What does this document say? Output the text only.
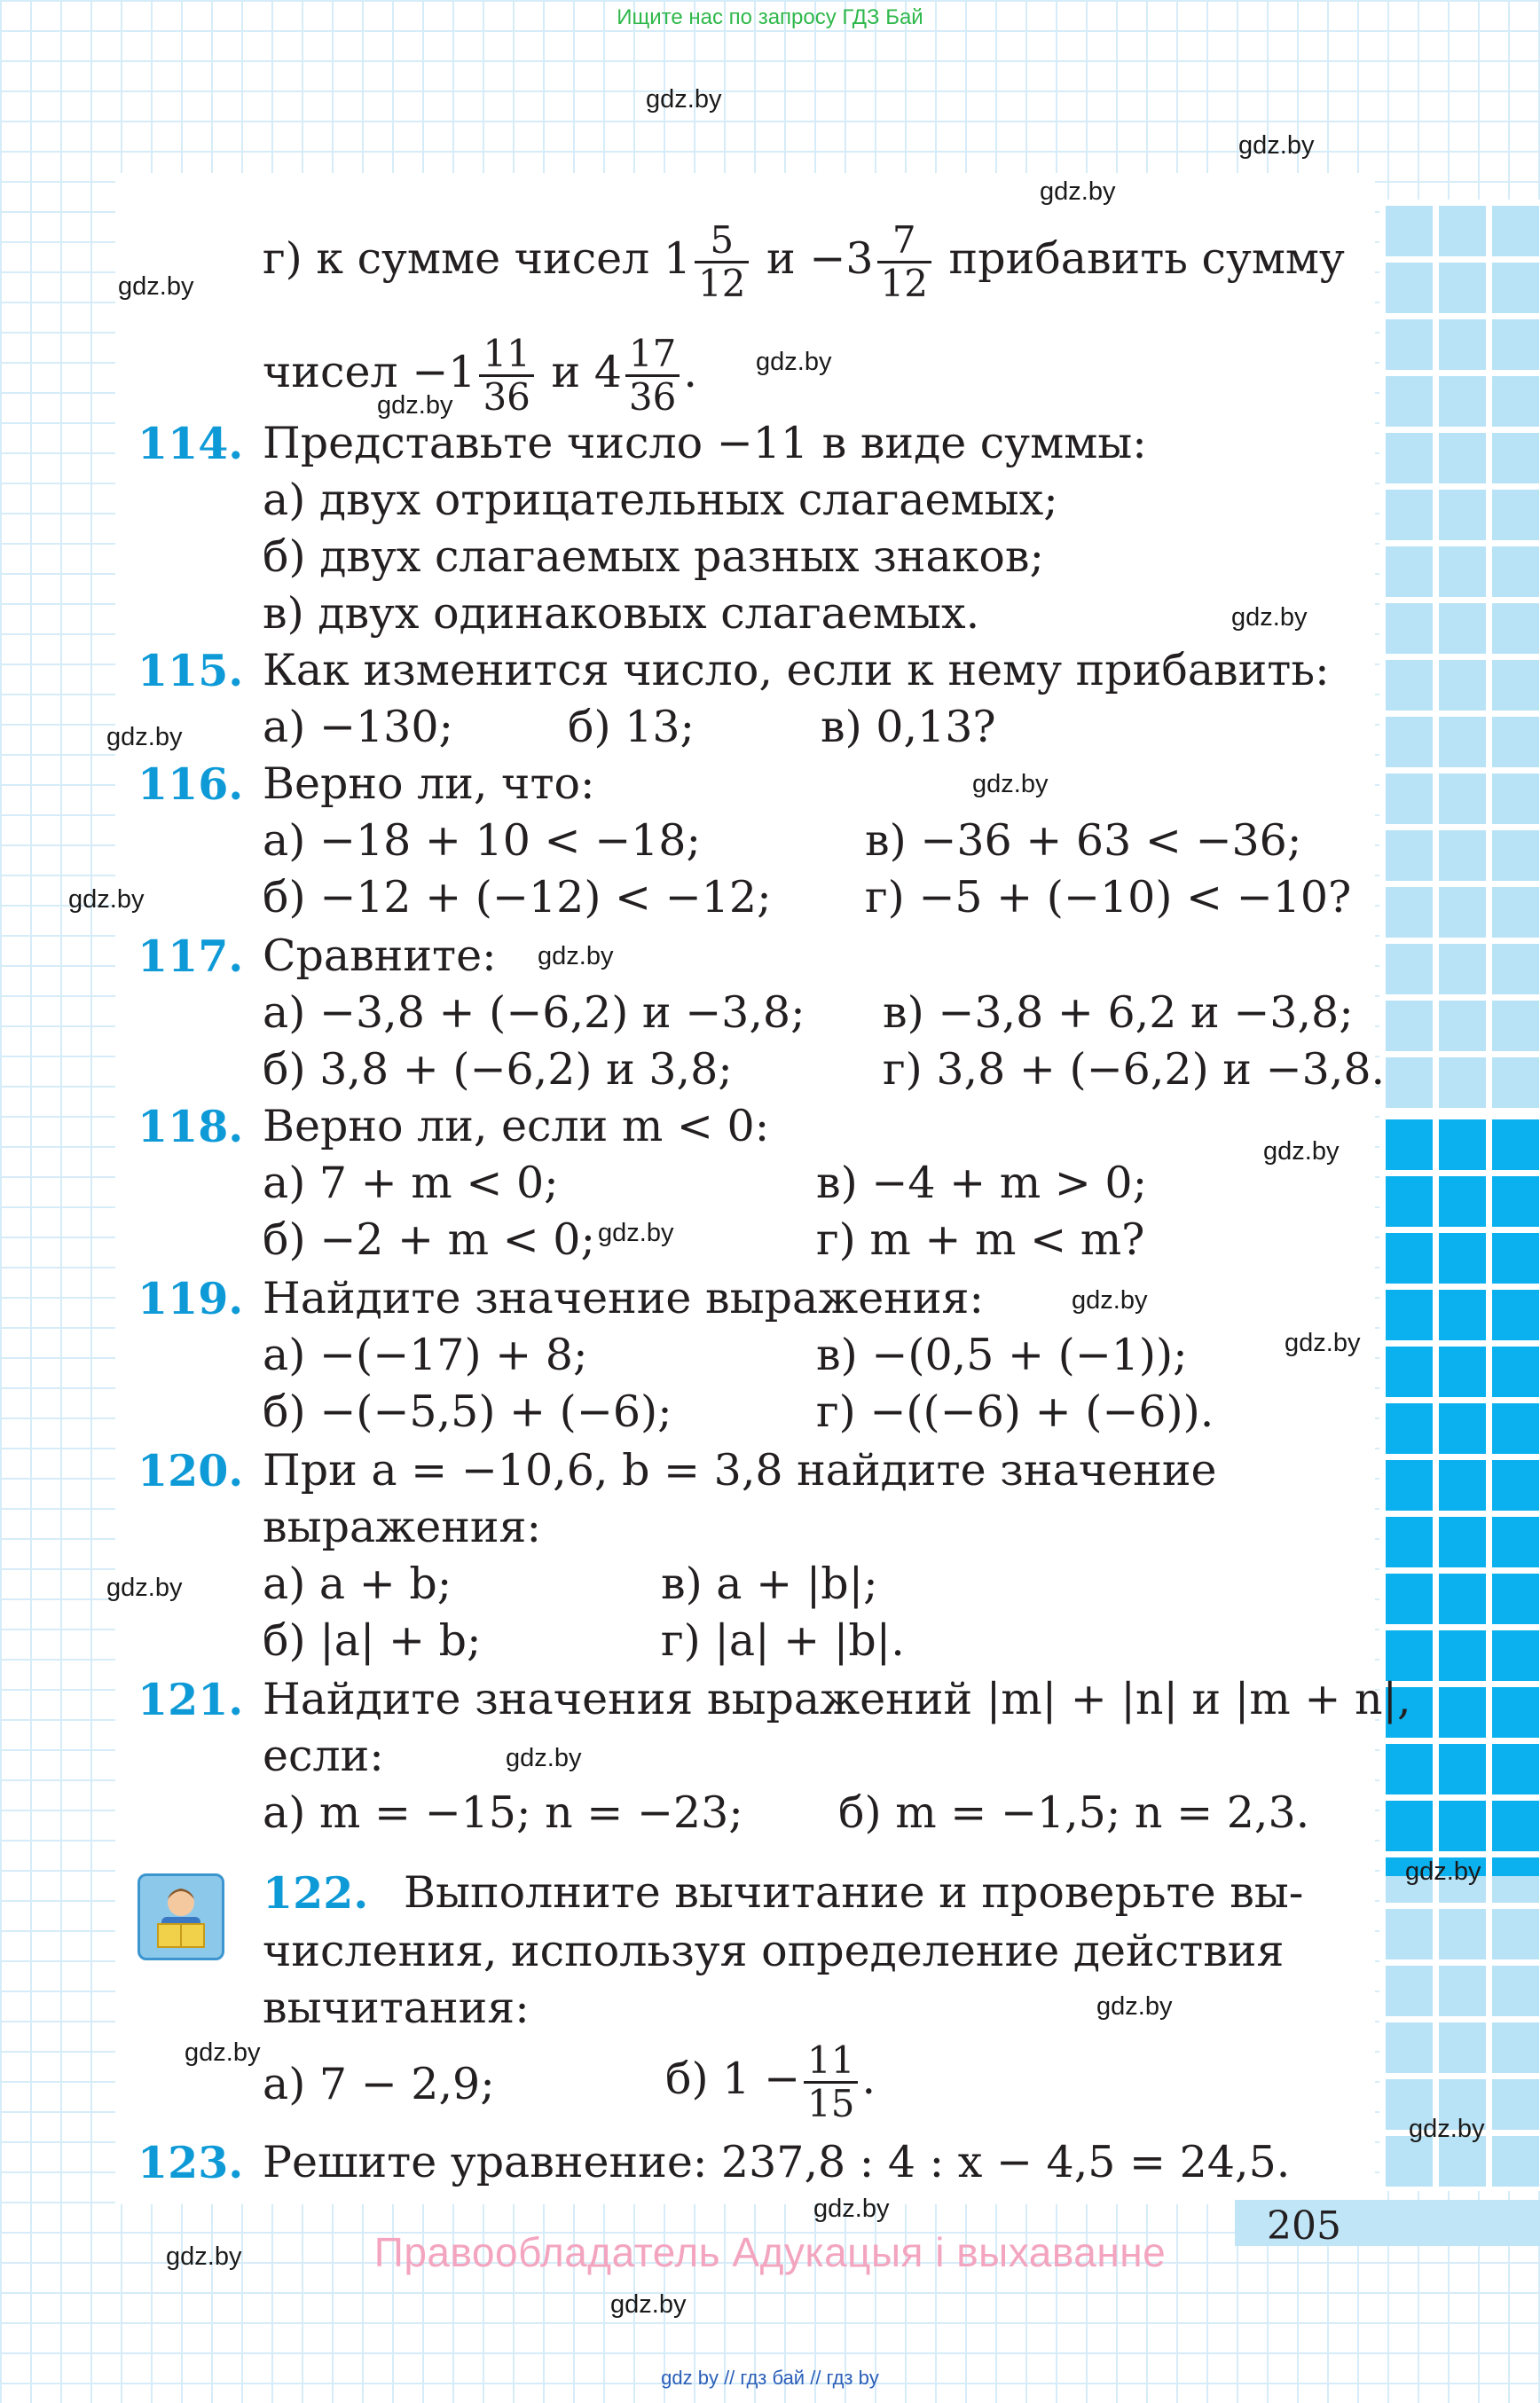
Ищите нас по запросу ГДЗ Бай
г) к сумме чисел $1 \frac{5}{12}$ $и -3 \frac{7}{12}$ прибавить сумму
чисел $-1 \frac{11}{36}$ и $4 \frac{17}{36}$ .
114. Представьте число −11 в виде суммы:
а) двух отрицательных слагаемых;
б) двух слагаемых разных знаков;
в) двух одинаковых слагаемых.
115. Как изменится число, если к нему прибавить:
а) −130;	б) 13;	в) 0,13?
116. Верно ли, что:
а) −18 + 10 < −18;	в) −36 + 63 < −36;
б) −12 + (−12) < −12; г) −5 + (−10) < −10?
117. Сравните:
а) −3,8 + (−6,2) и −3,8; в) −3,8 + 6,2 и −3,8;
б) 3,8 + (−6,2) и 3,8;	г) 3,8 + (−6,2) и −3,8.
118. Верно ли, если m < 0:
а) 7 + m < 0;	в) −4 + m > 0;
б) −2 + m < 0;	г) m + m < m?
119. Найдите значение выражения:
а) −(−17) + 8;	в) −(0,5 + (−1));
б) −(−5,5) + (−6);	г) −((−6) + (−6)).
120. При a = −10,6, b = 3,8 найдите значение
выражения:
а) a + b;	в) a + |b|;
б) |a| + b;	г) |a| + |b|.
121. Найдите значения выражений |m| + |n| и |m + n|,
если:
а) m = −15; n = −23; б) m = −1,5; n = 2,3.
122. Выполните вычитание и проверьте вы-
числения, используя определение действия
вычитания:
а) 7 − 2,9;	б) $1 - \frac{11}{15}$ .
123. Решите уравнение: 237,8 : 4 : x − 4,5 = 24,5.
205
Правообладатель Адукацыя і выхаванне
gdz by // гдз бай // гдз by
gdz.by
gdz.by
gdz.by
gdz.by
gdz.by
gdz.by
gdz.by
gdz.by
gdz.by
gdz.by
gdz.by
gdz.by
gdz.by
gdz.by
gdz.by
gdz.by
gdz.by
gdz.by
gdz.by
gdz.by
gdz.by
gdz.by
gdz.by
gdz.by
